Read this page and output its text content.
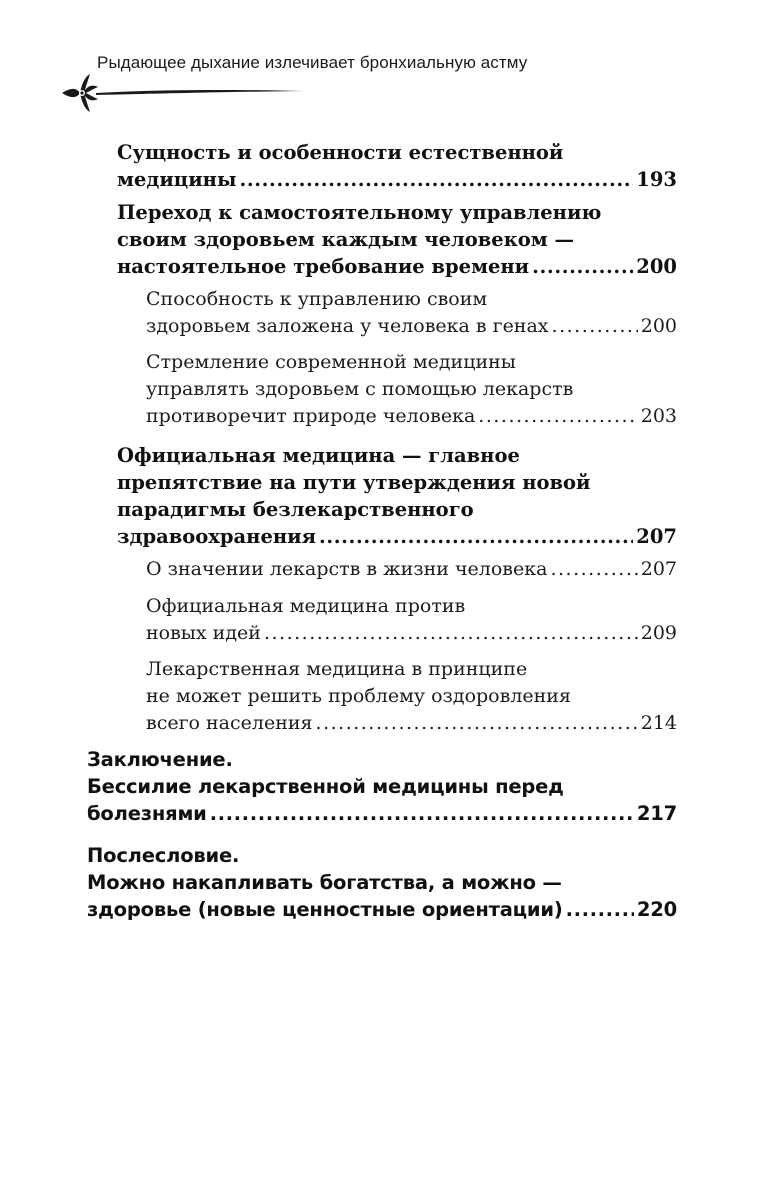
Рыдающее дыхание излечивает бронхиальную астму
Сущность и особенности естественной
медицины .....	193
Переход к самостоятельному управлению
своим здоровьем каждым человеком —
настоятельное требование времени .....	200
Способность к управлению своим
здоровьем заложена у человека в генах .....	200
Стремление современной медицины
управлять здоровьем с помощью лекарств
противоречит природе человека .....	203
Официальная медицина — главное
препятствие на пути утверждения новой
парадигмы безлекарственного
здравоохранения .....	207
О значении лекарств в жизни человека .....	207
Официальная медицина против
новых идей .....	209
Лекарственная медицина в принципе
не может решить проблему оздоровления
всего населения .....	214
Заключение.
Бессилие лекарственной медицины перед
болезнями .....	217
Послесловие.
Можно накапливать богатства, а можно —
здоровье (новые ценностные ориентации) .....	220
